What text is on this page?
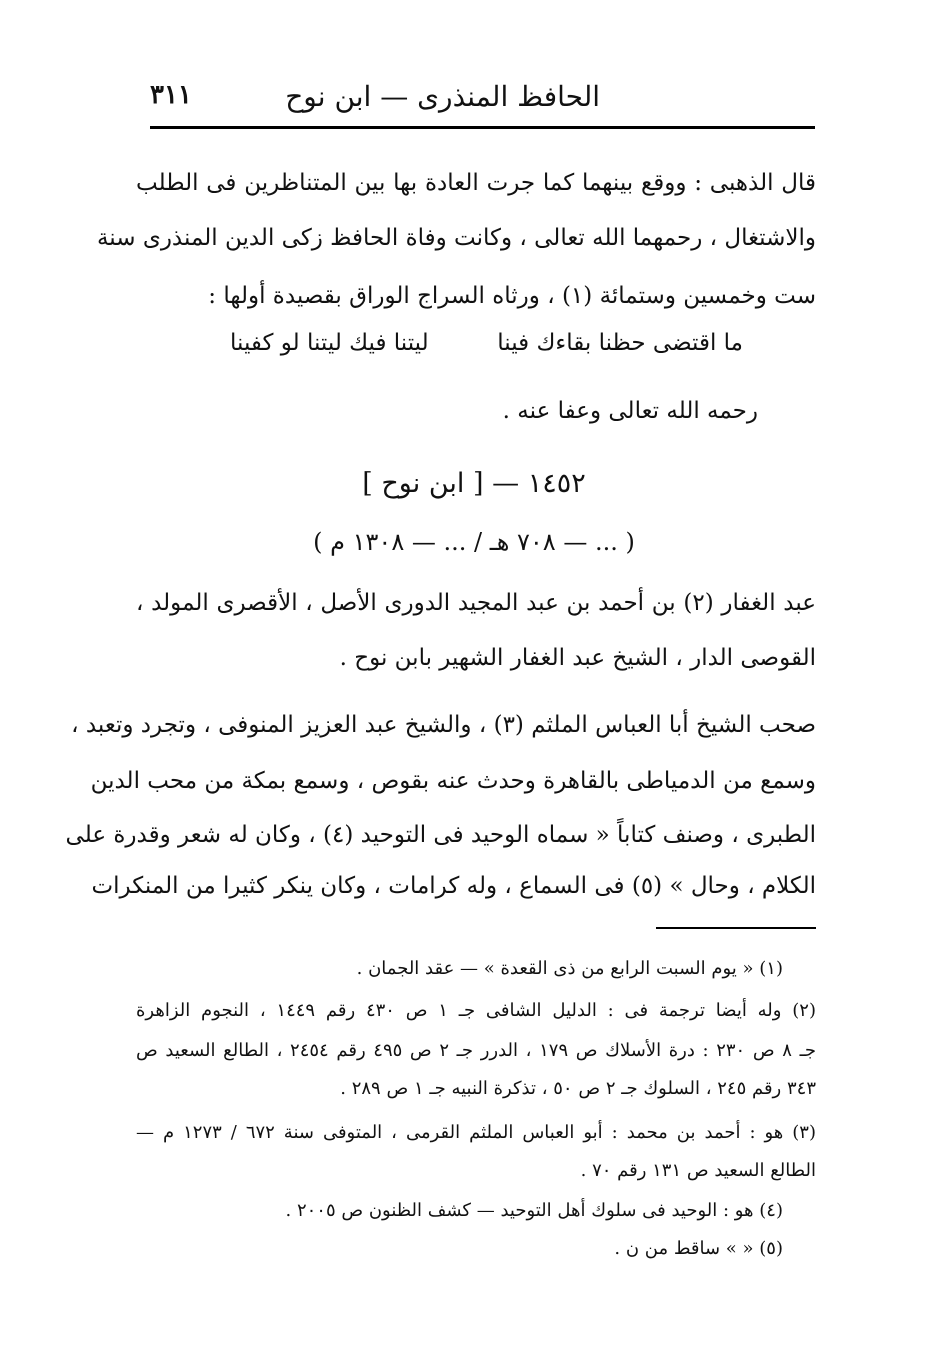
٣١١	الحافظ المنذرى — ابن نوح
قال الذهبى : ووقع بينهما كما جرت العادة بها بين المتناظرين فى الطلب
والاشتغال ، رحمهما الله تعالى ، وكانت وفاة الحافظ زكى الدين المنذرى سنة
ست وخمسين وستمائة (١) ، ورثاه السراج الوراق بقصيدة أولها :
ما اقتضى حظنا بقاءك فينا
ليتنا فيك ليتنا لو كفينا
رحمه الله تعالى وعفا عنه .
١٤٥٢ — [ ابن نوح ]
( ... — ٧٠٨ هـ / ... — ١٣٠٨ م )
عبد الغفار (٢) بن أحمد بن عبد المجيد الدورى الأصل ، الأقصرى المولد ،
القوصى الدار ، الشيخ عبد الغفار الشهير بابن نوح .
صحب الشيخ أبا العباس الملثم (٣) ، والشيخ عبد العزيز المنوفى ، وتجرد وتعبد ،
وسمع من الدمياطى بالقاهرة وحدث عنه بقوص ، وسمع بمكة من محب الدين
الطبرى ، وصنف كتاباً « سماه الوحيد فى التوحيد (٤) ، وكان له شعر وقدرة على
الكلام ، وحال » (٥) فى السماع ، وله كرامات ، وكان ينكر كثيرا من المنكرات
(١) « يوم السبت الرابع من ذى القعدة » — عقد الجمان .
(٢) وله أيضا ترجمة فى : الدليل الشافى جـ ١ ص ٤٣٠ رقم ١٤٤٩ ، النجوم الزاهرة
جـ ٨ ص ٢٣٠ : درة الأسلاك ص ١٧٩ ، الدرر جـ ٢ ص ٤٩٥ رقم ٢٤٥٤ ، الطالع السعيد ص
٣٤٣ رقم ٢٤٥ ، السلوك جـ ٢ ص ٥٠ ، تذكرة النبيه جـ ١ ص ٢٨٩ .
(٣) هو : أحمد بن محمد : أبو العباس الملثم القرمى ، المتوفى سنة ٦٧٢ / ١٢٧٣ م —
الطالع السعيد ص ١٣١ رقم ٧٠ .
(٤) هو : الوحيد فى سلوك أهل التوحيد — كشف الظنون ص ٢٠٠٥ .
(٥) « » ساقط من ن .
